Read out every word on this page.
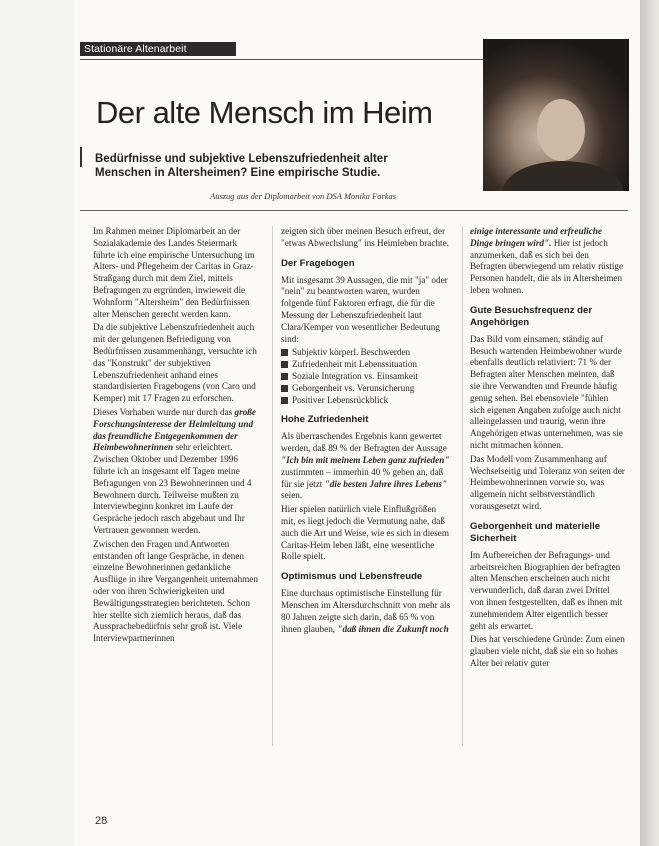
Stationäre Altenarbeit
Der alte Mensch im Heim
Bedürfnisse und subjektive Lebenszufriedenheit alter Menschen in Altersheimen? Eine empirische Studie.
Auszug aus der Diplomarbeit von DSA Monika Farkas

Im Rahmen meiner Diplomarbeit an der Sozialakademie des Landes Steiermark führte ich eine empirische Untersuchung im Alters- und Pflegeheim der Caritas in Graz-Straßgang durch mit dem Ziel, mittels Befragungen zu ergründen, inwieweit die Wohnform "Altersheim" den Bedürfnissen alter Menschen gerecht werden kann.

Da die subjektive Lebenszufriedenheit auch mit der gelungenen Befriedigung von Bedürfnissen zusammenhängt, versuchte ich das "Konstrukt" der subjektiven Lebenszufriedenheit anhand eines standardisierten Fragebogens (von Caro und Kemper) mit 17 Fragen zu erforschen.

Dieses Vorhaben wurde nur durch das große Forschungsinteresse der Heimleitung und das freundliche Entgegenkommen der Heimbewohnerinnen sehr erleichtert. Zwischen Oktober und Dezember 1996 führte ich an insgesamt elf Tagen meine Befragungen von 23 Bewohnerinnen und 4 Bewohnern durch. Teilweise mußten zu Interviewbeginn konkret im Laufe der Gespräche jedoch rasch abgebaut und Ihr Vertrauen gewonnen werden.

Zwischen den Fragen und Antworten entstanden oft lange Gespräche, in denen einzelne Bewohnerinnen gedankliche Ausflüge in ihre Vergangenheit unternahmen oder von ihren Schwierigkeiten und Bewältigungsstrategien berichteten. Schon hier stellte sich ziemlich heraus, daß das Aussprachebedürfnis sehr groß ist. Viele Interviewpartnerinnen

zeigten sich über meinen Besuch erfreut, der "etwas Abwechslung" ins Heimleben brachte.

Der Fragebogen

Mit insgesamt 39 Aussagen, die mit "ja" oder "nein" zu beantworten waren, wurden folgende fünf Faktoren erfragt, die für die Messung der Lebenszufriedenheit laut Clara/Kemper von wesentlicher Bedeutung sind:

Subjektiv körperl. Beschwerden
Zufriedenheit mit Lebenssituation
Soziale Integration vs. Einsamkeit
Geborgenheit vs. Verunsicherung
Positiver Lebensrückblick
Hohe Zufriedenheit

Als überraschendes Ergebnis kann gewertet werden, daß 89 % der Befragten der Aussage "Ich bin mit meinem Leben ganz zufrieden" zustimmten – immerhin 40 % geben an, daß für sie jetzt "die besten Jahre ihres Lebens" seien.

Hier spielen natürlich viele Einflußgrößen mit, es liegt jedoch die Vermutung nahe, daß auch die Art und Weise, wie es sich in diesem Caritas-Heim leben läßt, eine wesentliche Rolle spielt.

Optimismus und Lebensfreude

Eine durchaus optimistische Einstellung für Menschen im Altersdurchschnitt von mehr als 80 Jahren zeigte sich darin, daß 65 % von ihnen glauben, "daß ihnen die Zukunft noch

einige interessante und erfreuliche Dinge bringen wird". Hier ist jedoch anzumerken, daß es sich bei den Befragten überwiegend um relativ rüstige Personen handelt, die als in Altersheimen leben wohnen.

Gute Besuchsfrequenz der Angehörigen

Das Bild vom einsamen, ständig auf Besuch wartenden Heimbewohner wurde ebenfalls deutlich relativiert: 71 % der Befragten alter Menschen meinten, daß sie ihre Verwandten und Freunde häufig genug sehen. Bei ebensoviele "fühlen sich eigenen Angaben zufolge auch nicht alleingelassen und traurig, wenn ihre Angehörigen etwas unternehmen, was sie nicht mitmachen können.

Das Modell vom Zusammenhang auf Wechselseitig und Toleranz von seiten der Heimbewohnerinnen vorwie so, was allgemein nicht selbstverständlich vorausgesetzt wird.

Geborgenheit und materielle Sicherheit

Im Aufbereichen der Befragungs- und arbeitsreichen Biographien der befragten alten Menschen erscheinen auch nicht verwunderlich, daß daran zwei Drittel von ihnen festgestellten, daß es ihnen mit zunehmendem Alter eigentlich besser geht als erwartet.

Dies hat verschiedene Gründe: Zum einen glauben viele nicht, daß sie ein so hohes Alter bei relativ guter

28
